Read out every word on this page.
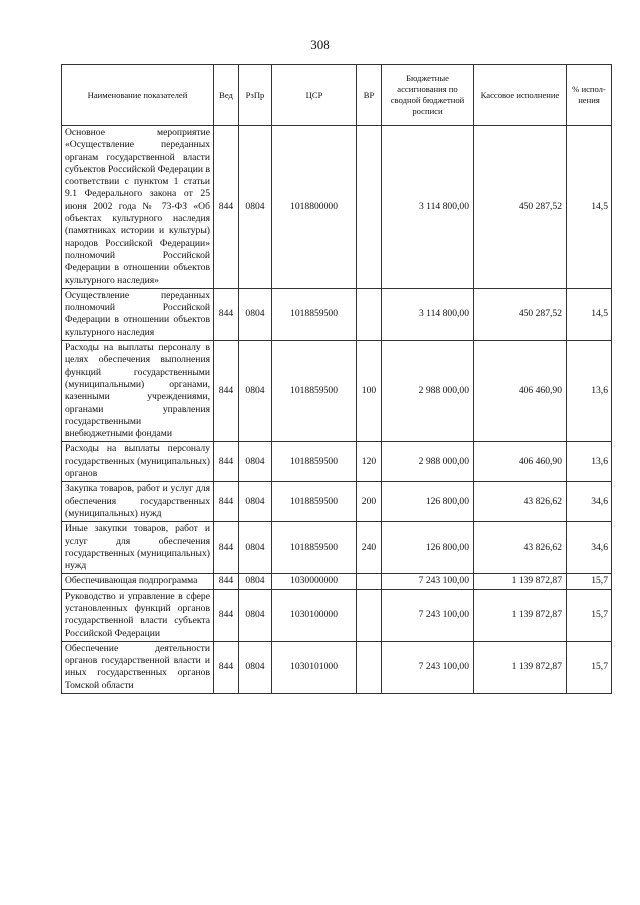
308
Наименование показателей	Вед	РзПр	ЦСР	ВР	Бюджетные ассигнования по сводной бюджетной росписи	Кассовое исполнение	% испол-нения
Основное мероприятие «Осуществление переданных органам государственной власти субъектов Российской Федерации в соответствии с пунктом 1 статьи 9.1 Федерального закона от 25 июня 2002 года № 73-ФЗ «Об объектах культурного наследия (памятниках истории и культуры) народов Российской Федерации» полномочий Российской Федерации в отношении объектов культурного наследия»	844	0804	1018800000		3 114 800,00	450 287,52	14,5
Осуществление переданных полномочий Российской Федерации в отношении объектов культурного наследия	844	0804	1018859500		3 114 800,00	450 287,52	14,5
Расходы на выплаты персоналу в целях обеспечения выполнения функций государственными (муниципальными) органами, казенными учреждениями, органами управления государственными внебюджетными фондами	844	0804	1018859500	100	2 988 000,00	406 460,90	13,6
Расходы на выплаты персоналу государственных (муниципальных) органов	844	0804	1018859500	120	2 988 000,00	406 460,90	13,6
Закупка товаров, работ и услуг для обеспечения государственных (муниципальных) нужд	844	0804	1018859500	200	126 800,00	43 826,62	34,6
Иные закупки товаров, работ и услуг для обеспечения государственных (муниципальных) нужд	844	0804	1018859500	240	126 800,00	43 826,62	34,6
Обеспечивающая подпрограмма	844	0804	1030000000		7 243 100,00	1 139 872,87	15,7
Руководство и управление в сфере установленных функций органов государственной власти субъекта Российской Федерации	844	0804	1030100000		7 243 100,00	1 139 872,87	15,7
Обеспечение деятельности органов государственной власти и иных государственных органов Томской области	844	0804	1030101000		7 243 100,00	1 139 872,87	15,7
